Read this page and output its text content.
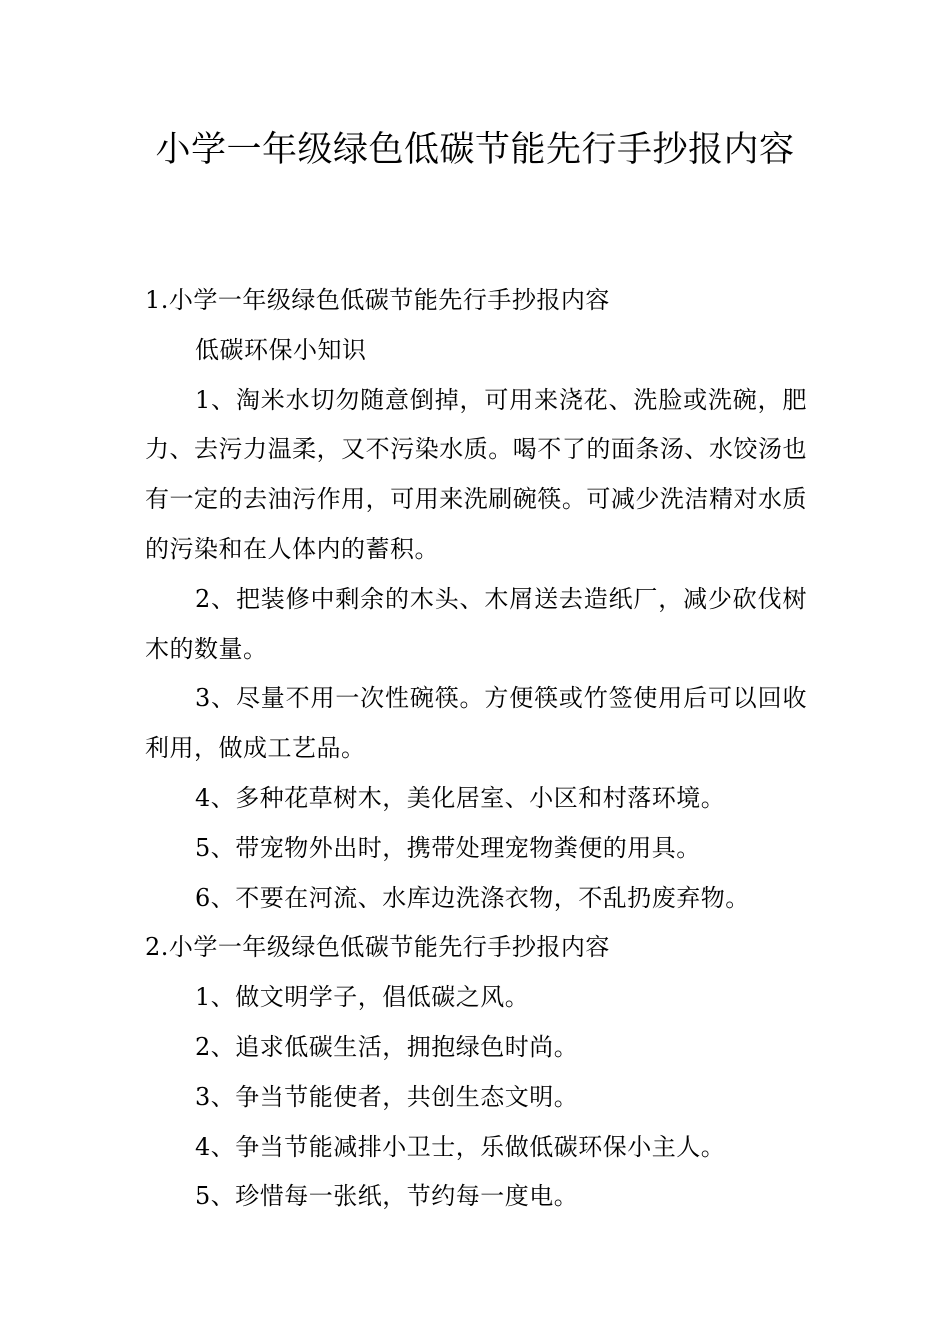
小学一年级绿色低碳节能先行手抄报内容

1.小学一年级绿色低碳节能先行手抄报内容

低碳环保小知识

1、淘米水切勿随意倒掉，可用来浇花、洗脸或洗碗，肥力、去污力温柔，又不污染水质。喝不了的面条汤、水饺汤也有一定的去油污作用，可用来洗刷碗筷。可减少洗洁精对水质的污染和在人体内的蓄积。

2、把装修中剩余的木头、木屑送去造纸厂，减少砍伐树木的数量。

3、尽量不用一次性碗筷。方便筷或竹签使用后可以回收利用，做成工艺品。

4、多种花草树木，美化居室、小区和村落环境。

5、带宠物外出时，携带处理宠物粪便的用具。

6、不要在河流、水库边洗涤衣物，不乱扔废弃物。

2.小学一年级绿色低碳节能先行手抄报内容

1、做文明学子，倡低碳之风。

2、追求低碳生活，拥抱绿色时尚。

3、争当节能使者，共创生态文明。

4、争当节能减排小卫士，乐做低碳环保小主人。

5、珍惜每一张纸，节约每一度电。
